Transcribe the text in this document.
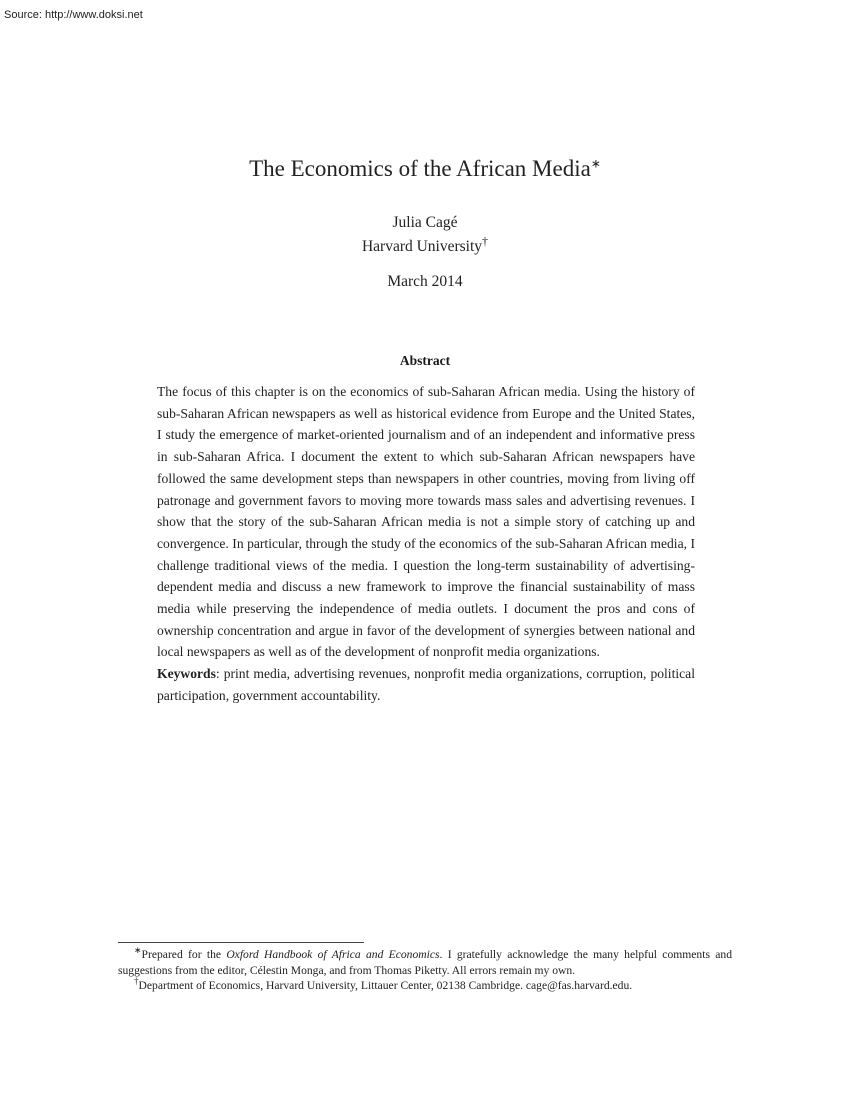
Source: http://www.doksi.net
The Economics of the African Media∗
Julia Cagé
Harvard University†
March 2014
Abstract

The focus of this chapter is on the economics of sub-Saharan African media. Using the history of sub-Saharan African newspapers as well as historical evidence from Europe and the United States, I study the emergence of market-oriented journalism and of an independent and informative press in sub-Saharan Africa. I document the extent to which sub-Saharan African newspapers have followed the same development steps than newspapers in other countries, moving from living off patronage and government favors to moving more towards mass sales and advertising revenues. I show that the story of the sub-Saharan African media is not a simple story of catching up and convergence. In particular, through the study of the economics of the sub-Saharan African media, I challenge traditional views of the media. I question the long-term sustainability of advertising-dependent media and discuss a new framework to improve the financial sustainability of mass media while preserving the independence of media outlets. I document the pros and cons of ownership concentration and argue in favor of the development of synergies between national and local newspapers as well as of the development of nonprofit media organizations.

Keywords: print media, advertising revenues, nonprofit media organizations, corruption, political participation, government accountability.

∗Prepared for the Oxford Handbook of Africa and Economics. I gratefully acknowledge the many helpful comments and suggestions from the editor, Célestin Monga, and from Thomas Piketty. All errors remain my own.

†Department of Economics, Harvard University, Littauer Center, 02138 Cambridge. cage@fas.harvard.edu.
